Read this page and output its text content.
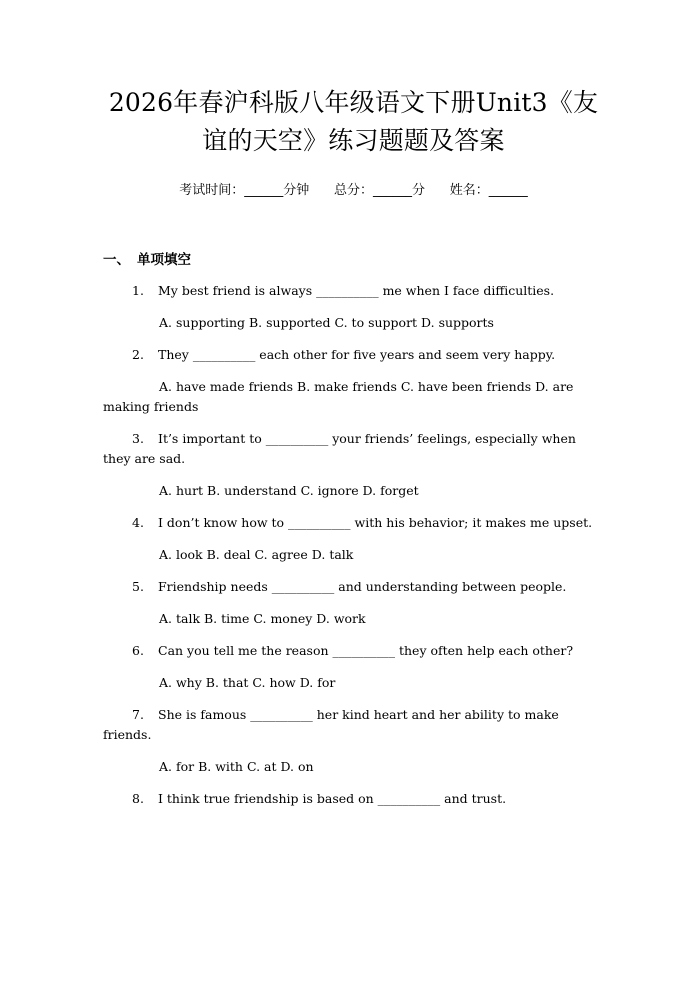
2026年春沪科版八年级语文下册Unit3《友谊的天空》练习题题及答案
考试时间：______分钟      总分：______分      姓名：______
一、 单项填空

1. My best friend is always __________ me when I face difficulties.

A. supporting B. supported C. to support D. supports

2. They __________ each other for five years and seem very happy.

A. have made friends B. make friends C. have been friends D. are making friends

3. It’s important to __________ your friends’ feelings, especially when they are sad.

A. hurt B. understand C. ignore D. forget

4. I don’t know how to __________ with his behavior; it makes me upset.

A. look B. deal C. agree D. talk

5. Friendship needs __________ and understanding between people.

A. talk B. time C. money D. work

6. Can you tell me the reason __________ they often help each other?

A. why B. that C. how D. for

7. She is famous __________ her kind heart and her ability to make friends.

A. for B. with C. at D. on

8. I think true friendship is based on __________ and trust.
